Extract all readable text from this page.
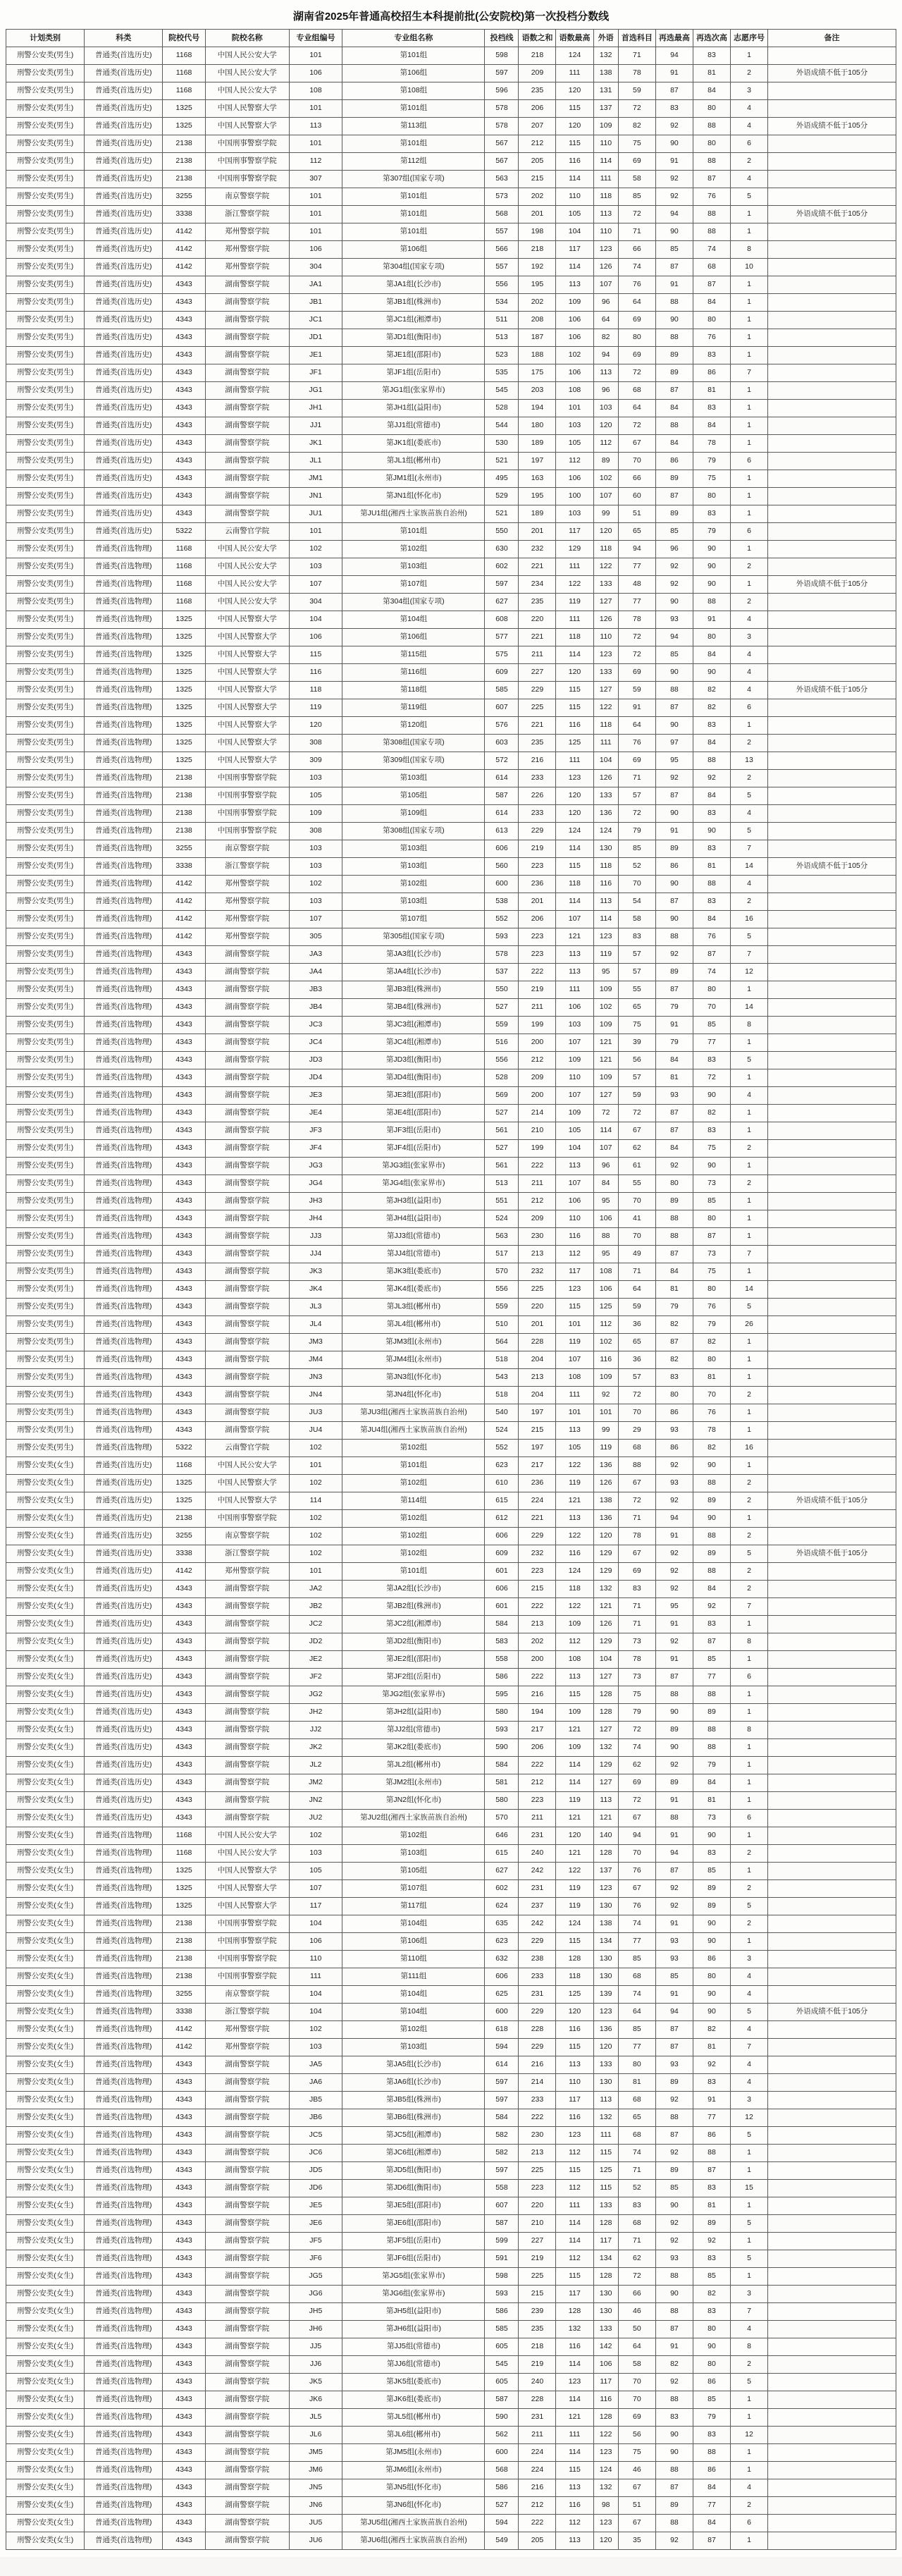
湖南省2025年普通高校招生本科提前批(公安院校)第一次投档分数线
计划类别	科类	院校代号	院校名称	专业组编号	专业组名称	投档线	语数之和	语数最高	外语	首选科目	再选最高	再选次高	志愿序号	备注
刑警公安类(男生)	普通类(首选历史)	1168	中国人民公安大学	101	第101组	598	218	124	132	71	94	83	1	
刑警公安类(男生)	普通类(首选历史)	1168	中国人民公安大学	106	第106组	597	209	111	138	78	91	81	2	外语成绩不低于105分
刑警公安类(男生)	普通类(首选历史)	1168	中国人民公安大学	108	第108组	596	235	120	131	59	87	84	3	
刑警公安类(男生)	普通类(首选历史)	1325	中国人民警察大学	101	第101组	578	206	115	137	72	83	80	4	
刑警公安类(男生)	普通类(首选历史)	1325	中国人民警察大学	113	第113组	578	207	120	109	82	92	88	4	外语成绩不低于105分
刑警公安类(男生)	普通类(首选历史)	2138	中国刑事警察学院	101	第101组	567	212	115	110	75	90	80	6	
刑警公安类(男生)	普通类(首选历史)	2138	中国刑事警察学院	112	第112组	567	205	116	114	69	91	88	2	
刑警公安类(男生)	普通类(首选历史)	2138	中国刑事警察学院	307	第307组(国家专项)	563	215	114	111	58	92	87	4	
刑警公安类(男生)	普通类(首选历史)	3255	南京警察学院	101	第101组	573	202	110	118	85	92	76	5	
刑警公安类(男生)	普通类(首选历史)	3338	浙江警察学院	101	第101组	568	201	105	113	72	94	88	1	外语成绩不低于105分
刑警公安类(男生)	普通类(首选历史)	4142	郑州警察学院	101	第101组	557	198	104	110	71	90	88	1	
刑警公安类(男生)	普通类(首选历史)	4142	郑州警察学院	106	第106组	566	218	117	123	66	85	74	8	
刑警公安类(男生)	普通类(首选历史)	4142	郑州警察学院	304	第304组(国家专项)	557	192	114	126	74	87	68	10	
刑警公安类(男生)	普通类(首选历史)	4343	湖南警察学院	JA1	第JA1组(长沙市)	556	195	113	107	76	91	87	1	
刑警公安类(男生)	普通类(首选历史)	4343	湖南警察学院	JB1	第JB1组(株洲市)	534	202	109	96	64	88	84	1	
刑警公安类(男生)	普通类(首选历史)	4343	湖南警察学院	JC1	第JC1组(湘潭市)	511	208	106	64	69	90	80	1	
刑警公安类(男生)	普通类(首选历史)	4343	湖南警察学院	JD1	第JD1组(衡阳市)	513	187	106	82	80	88	76	1	
刑警公安类(男生)	普通类(首选历史)	4343	湖南警察学院	JE1	第JE1组(邵阳市)	523	188	102	94	69	89	83	1	
刑警公安类(男生)	普通类(首选历史)	4343	湖南警察学院	JF1	第JF1组(岳阳市)	535	175	106	113	72	89	86	7	
刑警公安类(男生)	普通类(首选历史)	4343	湖南警察学院	JG1	第JG1组(张家界市)	545	203	108	96	68	87	81	1	
刑警公安类(男生)	普通类(首选历史)	4343	湖南警察学院	JH1	第JH1组(益阳市)	528	194	101	103	64	84	83	1	
刑警公安类(男生)	普通类(首选历史)	4343	湖南警察学院	JJ1	第JJ1组(常德市)	544	180	103	120	72	88	84	1	
刑警公安类(男生)	普通类(首选历史)	4343	湖南警察学院	JK1	第JK1组(娄底市)	530	189	105	112	67	84	78	1	
刑警公安类(男生)	普通类(首选历史)	4343	湖南警察学院	JL1	第JL1组(郴州市)	521	197	112	89	70	86	79	6	
刑警公安类(男生)	普通类(首选历史)	4343	湖南警察学院	JM1	第JM1组(永州市)	495	163	106	102	66	89	75	1	
刑警公安类(男生)	普通类(首选历史)	4343	湖南警察学院	JN1	第JN1组(怀化市)	529	195	100	107	60	87	80	1	
刑警公安类(男生)	普通类(首选历史)	4343	湖南警察学院	JU1	第JU1组(湘西土家族苗族自治州)	521	189	103	99	51	89	83	1	
刑警公安类(男生)	普通类(首选历史)	5322	云南警官学院	101	第101组	550	201	117	120	65	85	79	6	
刑警公安类(男生)	普通类(首选物理)	1168	中国人民公安大学	102	第102组	630	232	129	118	94	96	90	1	
刑警公安类(男生)	普通类(首选物理)	1168	中国人民公安大学	103	第103组	602	221	111	122	77	92	90	2	
刑警公安类(男生)	普通类(首选物理)	1168	中国人民公安大学	107	第107组	597	234	122	133	48	92	90	1	外语成绩不低于105分
刑警公安类(男生)	普通类(首选物理)	1168	中国人民公安大学	304	第304组(国家专项)	627	235	119	127	77	90	88	2	
刑警公安类(男生)	普通类(首选物理)	1325	中国人民警察大学	104	第104组	608	220	111	126	78	93	91	4	
刑警公安类(男生)	普通类(首选物理)	1325	中国人民警察大学	106	第106组	577	221	118	110	72	94	80	3	
刑警公安类(男生)	普通类(首选物理)	1325	中国人民警察大学	115	第115组	575	211	114	123	72	85	84	4	
刑警公安类(男生)	普通类(首选物理)	1325	中国人民警察大学	116	第116组	609	227	120	133	69	90	90	4	
刑警公安类(男生)	普通类(首选物理)	1325	中国人民警察大学	118	第118组	585	229	115	127	59	88	82	4	外语成绩不低于105分
刑警公安类(男生)	普通类(首选物理)	1325	中国人民警察大学	119	第119组	607	225	115	122	91	87	82	6	
刑警公安类(男生)	普通类(首选物理)	1325	中国人民警察大学	120	第120组	576	221	116	118	64	90	83	1	
刑警公安类(男生)	普通类(首选物理)	1325	中国人民警察大学	308	第308组(国家专项)	603	235	125	111	76	97	84	2	
刑警公安类(男生)	普通类(首选物理)	1325	中国人民警察大学	309	第309组(国家专项)	572	216	111	104	69	95	88	13	
刑警公安类(男生)	普通类(首选物理)	2138	中国刑事警察学院	103	第103组	614	233	123	126	71	92	92	2	
刑警公安类(男生)	普通类(首选物理)	2138	中国刑事警察学院	105	第105组	587	226	120	133	57	87	84	5	
刑警公安类(男生)	普通类(首选物理)	2138	中国刑事警察学院	109	第109组	614	233	120	136	72	90	83	4	
刑警公安类(男生)	普通类(首选物理)	2138	中国刑事警察学院	308	第308组(国家专项)	613	229	124	124	79	91	90	5	
刑警公安类(男生)	普通类(首选物理)	3255	南京警察学院	103	第103组	606	219	114	130	85	89	83	7	
刑警公安类(男生)	普通类(首选物理)	3338	浙江警察学院	103	第103组	560	223	115	118	52	86	81	14	外语成绩不低于105分
刑警公安类(男生)	普通类(首选物理)	4142	郑州警察学院	102	第102组	600	236	118	116	70	90	88	4	
刑警公安类(男生)	普通类(首选物理)	4142	郑州警察学院	103	第103组	538	201	114	113	54	87	83	2	
刑警公安类(男生)	普通类(首选物理)	4142	郑州警察学院	107	第107组	552	206	107	114	58	90	84	16	
刑警公安类(男生)	普通类(首选物理)	4142	郑州警察学院	305	第305组(国家专项)	593	223	121	123	83	88	76	5	
刑警公安类(男生)	普通类(首选物理)	4343	湖南警察学院	JA3	第JA3组(长沙市)	578	223	113	119	57	92	87	7	
刑警公安类(男生)	普通类(首选物理)	4343	湖南警察学院	JA4	第JA4组(长沙市)	537	222	113	95	57	89	74	12	
刑警公安类(男生)	普通类(首选物理)	4343	湖南警察学院	JB3	第JB3组(株洲市)	550	219	111	109	55	87	80	1	
刑警公安类(男生)	普通类(首选物理)	4343	湖南警察学院	JB4	第JB4组(株洲市)	527	211	106	102	65	79	70	14	
刑警公安类(男生)	普通类(首选物理)	4343	湖南警察学院	JC3	第JC3组(湘潭市)	559	199	103	109	75	91	85	8	
刑警公安类(男生)	普通类(首选物理)	4343	湖南警察学院	JC4	第JC4组(湘潭市)	516	200	107	121	39	79	77	1	
刑警公安类(男生)	普通类(首选物理)	4343	湖南警察学院	JD3	第JD3组(衡阳市)	556	212	109	121	56	84	83	5	
刑警公安类(男生)	普通类(首选物理)	4343	湖南警察学院	JD4	第JD4组(衡阳市)	528	209	110	109	57	81	72	1	
刑警公安类(男生)	普通类(首选物理)	4343	湖南警察学院	JE3	第JE3组(邵阳市)	569	200	107	127	59	93	90	4	
刑警公安类(男生)	普通类(首选物理)	4343	湖南警察学院	JE4	第JE4组(邵阳市)	527	214	109	72	72	87	82	1	
刑警公安类(男生)	普通类(首选物理)	4343	湖南警察学院	JF3	第JF3组(岳阳市)	561	210	105	114	67	87	83	1	
刑警公安类(男生)	普通类(首选物理)	4343	湖南警察学院	JF4	第JF4组(岳阳市)	527	199	104	107	62	84	75	2	
刑警公安类(男生)	普通类(首选物理)	4343	湖南警察学院	JG3	第JG3组(张家界市)	561	222	113	96	61	92	90	1	
刑警公安类(男生)	普通类(首选物理)	4343	湖南警察学院	JG4	第JG4组(张家界市)	513	211	107	84	55	80	73	2	
刑警公安类(男生)	普通类(首选物理)	4343	湖南警察学院	JH3	第JH3组(益阳市)	551	212	106	95	70	89	85	1	
刑警公安类(男生)	普通类(首选物理)	4343	湖南警察学院	JH4	第JH4组(益阳市)	524	209	110	106	41	88	80	1	
刑警公安类(男生)	普通类(首选物理)	4343	湖南警察学院	JJ3	第JJ3组(常德市)	563	230	116	88	70	88	87	1	
刑警公安类(男生)	普通类(首选物理)	4343	湖南警察学院	JJ4	第JJ4组(常德市)	517	213	112	95	49	87	73	7	
刑警公安类(男生)	普通类(首选物理)	4343	湖南警察学院	JK3	第JK3组(娄底市)	570	232	117	108	71	84	75	1	
刑警公安类(男生)	普通类(首选物理)	4343	湖南警察学院	JK4	第JK4组(娄底市)	556	225	123	106	64	81	80	14	
刑警公安类(男生)	普通类(首选物理)	4343	湖南警察学院	JL3	第JL3组(郴州市)	559	220	115	125	59	79	76	5	
刑警公安类(男生)	普通类(首选物理)	4343	湖南警察学院	JL4	第JL4组(郴州市)	510	201	101	112	36	82	79	26	
刑警公安类(男生)	普通类(首选物理)	4343	湖南警察学院	JM3	第JM3组(永州市)	564	228	119	102	65	87	82	1	
刑警公安类(男生)	普通类(首选物理)	4343	湖南警察学院	JM4	第JM4组(永州市)	518	204	107	116	36	82	80	1	
刑警公安类(男生)	普通类(首选物理)	4343	湖南警察学院	JN3	第JN3组(怀化市)	543	213	108	109	57	83	81	1	
刑警公安类(男生)	普通类(首选物理)	4343	湖南警察学院	JN4	第JN4组(怀化市)	518	204	111	92	72	80	70	2	
刑警公安类(男生)	普通类(首选物理)	4343	湖南警察学院	JU3	第JU3组(湘西土家族苗族自治州)	540	197	101	101	70	86	76	1	
刑警公安类(男生)	普通类(首选物理)	4343	湖南警察学院	JU4	第JU4组(湘西土家族苗族自治州)	524	215	113	99	29	93	78	1	
刑警公安类(男生)	普通类(首选物理)	5322	云南警官学院	102	第102组	552	197	105	119	68	86	82	16	
刑警公安类(女生)	普通类(首选历史)	1168	中国人民公安大学	101	第101组	623	217	122	136	88	92	90	1	
刑警公安类(女生)	普通类(首选历史)	1325	中国人民警察大学	102	第102组	610	236	119	126	67	93	88	2	
刑警公安类(女生)	普通类(首选历史)	1325	中国人民警察大学	114	第114组	615	224	121	138	72	92	89	2	外语成绩不低于105分
刑警公安类(女生)	普通类(首选历史)	2138	中国刑事警察学院	102	第102组	612	221	113	136	71	94	90	1	
刑警公安类(女生)	普通类(首选历史)	3255	南京警察学院	102	第102组	606	229	122	120	78	91	88	2	
刑警公安类(女生)	普通类(首选历史)	3338	浙江警察学院	102	第102组	609	232	116	129	67	92	89	5	外语成绩不低于105分
刑警公安类(女生)	普通类(首选历史)	4142	郑州警察学院	101	第101组	601	223	124	129	69	92	88	2	
刑警公安类(女生)	普通类(首选历史)	4343	湖南警察学院	JA2	第JA2组(长沙市)	606	215	118	132	83	92	84	2	
刑警公安类(女生)	普通类(首选历史)	4343	湖南警察学院	JB2	第JB2组(株洲市)	601	222	122	121	71	95	92	7	
刑警公安类(女生)	普通类(首选历史)	4343	湖南警察学院	JC2	第JC2组(湘潭市)	584	213	109	126	71	91	83	1	
刑警公安类(女生)	普通类(首选历史)	4343	湖南警察学院	JD2	第JD2组(衡阳市)	583	202	112	129	73	92	87	8	
刑警公安类(女生)	普通类(首选历史)	4343	湖南警察学院	JE2	第JE2组(邵阳市)	558	200	108	104	78	91	85	1	
刑警公安类(女生)	普通类(首选历史)	4343	湖南警察学院	JF2	第JF2组(岳阳市)	586	222	113	127	73	87	77	6	
刑警公安类(女生)	普通类(首选历史)	4343	湖南警察学院	JG2	第JG2组(张家界市)	595	216	115	128	75	88	88	1	
刑警公安类(女生)	普通类(首选历史)	4343	湖南警察学院	JH2	第JH2组(益阳市)	580	194	109	128	79	90	89	1	
刑警公安类(女生)	普通类(首选历史)	4343	湖南警察学院	JJ2	第JJ2组(常德市)	593	217	121	127	72	89	88	8	
刑警公安类(女生)	普通类(首选历史)	4343	湖南警察学院	JK2	第JK2组(娄底市)	590	206	109	132	74	90	88	1	
刑警公安类(女生)	普通类(首选历史)	4343	湖南警察学院	JL2	第JL2组(郴州市)	584	222	114	129	62	92	79	1	
刑警公安类(女生)	普通类(首选历史)	4343	湖南警察学院	JM2	第JM2组(永州市)	581	212	114	127	69	89	84	1	
刑警公安类(女生)	普通类(首选历史)	4343	湖南警察学院	JN2	第JN2组(怀化市)	580	223	119	113	72	91	81	1	
刑警公安类(女生)	普通类(首选历史)	4343	湖南警察学院	JU2	第JU2组(湘西土家族苗族自治州)	570	211	121	121	67	88	73	6	
刑警公安类(女生)	普通类(首选物理)	1168	中国人民公安大学	102	第102组	646	231	120	140	94	91	90	1	
刑警公安类(女生)	普通类(首选物理)	1168	中国人民公安大学	103	第103组	615	240	121	128	70	94	83	2	
刑警公安类(女生)	普通类(首选物理)	1325	中国人民警察大学	105	第105组	627	242	122	137	76	87	85	1	
刑警公安类(女生)	普通类(首选物理)	1325	中国人民警察大学	107	第107组	602	231	119	123	67	92	89	2	
刑警公安类(女生)	普通类(首选物理)	1325	中国人民警察大学	117	第117组	624	237	119	130	76	92	89	5	
刑警公安类(女生)	普通类(首选物理)	2138	中国刑事警察学院	104	第104组	635	242	124	138	74	91	90	2	
刑警公安类(女生)	普通类(首选物理)	2138	中国刑事警察学院	106	第106组	623	229	115	134	77	93	90	1	
刑警公安类(女生)	普通类(首选物理)	2138	中国刑事警察学院	110	第110组	632	238	128	130	85	93	86	3	
刑警公安类(女生)	普通类(首选物理)	2138	中国刑事警察学院	111	第111组	606	233	118	130	68	85	80	4	
刑警公安类(女生)	普通类(首选物理)	3255	南京警察学院	104	第104组	625	231	125	139	74	91	90	4	
刑警公安类(女生)	普通类(首选物理)	3338	浙江警察学院	104	第104组	600	229	120	123	64	94	90	5	外语成绩不低于105分
刑警公安类(女生)	普通类(首选物理)	4142	郑州警察学院	102	第102组	618	228	116	136	85	87	82	4	
刑警公安类(女生)	普通类(首选物理)	4142	郑州警察学院	103	第103组	594	229	115	120	77	87	81	7	
刑警公安类(女生)	普通类(首选物理)	4343	湖南警察学院	JA5	第JA5组(长沙市)	614	216	113	133	80	93	92	4	
刑警公安类(女生)	普通类(首选物理)	4343	湖南警察学院	JA6	第JA6组(长沙市)	597	214	110	130	81	89	83	4	
刑警公安类(女生)	普通类(首选物理)	4343	湖南警察学院	JB5	第JB5组(株洲市)	597	233	117	113	68	92	91	3	
刑警公安类(女生)	普通类(首选物理)	4343	湖南警察学院	JB6	第JB6组(株洲市)	584	222	116	132	65	88	77	12	
刑警公安类(女生)	普通类(首选物理)	4343	湖南警察学院	JC5	第JC5组(湘潭市)	582	230	123	111	68	87	86	5	
刑警公安类(女生)	普通类(首选物理)	4343	湖南警察学院	JC6	第JC6组(湘潭市)	582	213	112	115	74	92	88	1	
刑警公安类(女生)	普通类(首选物理)	4343	湖南警察学院	JD5	第JD5组(衡阳市)	597	225	115	125	71	89	87	1	
刑警公安类(女生)	普通类(首选物理)	4343	湖南警察学院	JD6	第JD6组(衡阳市)	558	223	112	115	52	85	83	15	
刑警公安类(女生)	普通类(首选物理)	4343	湖南警察学院	JE5	第JE5组(邵阳市)	607	220	111	133	83	90	81	1	
刑警公安类(女生)	普通类(首选物理)	4343	湖南警察学院	JE6	第JE6组(邵阳市)	587	210	114	128	68	92	89	5	
刑警公安类(女生)	普通类(首选物理)	4343	湖南警察学院	JF5	第JF5组(岳阳市)	599	227	114	117	71	92	92	1	
刑警公安类(女生)	普通类(首选物理)	4343	湖南警察学院	JF6	第JF6组(岳阳市)	591	219	112	134	62	93	83	5	
刑警公安类(女生)	普通类(首选物理)	4343	湖南警察学院	JG5	第JG5组(张家界市)	598	225	115	128	72	88	85	1	
刑警公安类(女生)	普通类(首选物理)	4343	湖南警察学院	JG6	第JG6组(张家界市)	593	215	117	130	66	90	82	3	
刑警公安类(女生)	普通类(首选物理)	4343	湖南警察学院	JH5	第JH5组(益阳市)	586	239	128	130	46	88	83	7	
刑警公安类(女生)	普通类(首选物理)	4343	湖南警察学院	JH6	第JH6组(益阳市)	585	235	132	133	50	87	80	4	
刑警公安类(女生)	普通类(首选物理)	4343	湖南警察学院	JJ5	第JJ5组(常德市)	605	218	116	142	64	91	90	8	
刑警公安类(女生)	普通类(首选物理)	4343	湖南警察学院	JJ6	第JJ6组(常德市)	545	219	114	106	58	82	80	2	
刑警公安类(女生)	普通类(首选物理)	4343	湖南警察学院	JK5	第JK5组(娄底市)	605	240	123	117	70	92	86	5	
刑警公安类(女生)	普通类(首选物理)	4343	湖南警察学院	JK6	第JK6组(娄底市)	587	228	114	116	70	88	85	1	
刑警公安类(女生)	普通类(首选物理)	4343	湖南警察学院	JL5	第JL5组(郴州市)	590	231	121	128	69	83	79	1	
刑警公安类(女生)	普通类(首选物理)	4343	湖南警察学院	JL6	第JL6组(郴州市)	562	211	111	122	56	90	83	12	
刑警公安类(女生)	普通类(首选物理)	4343	湖南警察学院	JM5	第JM5组(永州市)	600	224	114	123	75	90	88	1	
刑警公安类(女生)	普通类(首选物理)	4343	湖南警察学院	JM6	第JM6组(永州市)	568	224	115	124	46	88	86	1	
刑警公安类(女生)	普通类(首选物理)	4343	湖南警察学院	JN5	第JN5组(怀化市)	586	216	113	132	67	87	84	4	
刑警公安类(女生)	普通类(首选物理)	4343	湖南警察学院	JN6	第JN6组(怀化市)	527	212	116	98	51	89	77	2	
刑警公安类(女生)	普通类(首选物理)	4343	湖南警察学院	JU5	第JU5组(湘西土家族苗族自治州)	594	222	112	123	67	88	84	6	
刑警公安类(女生)	普通类(首选物理)	4343	湖南警察学院	JU6	第JU6组(湘西土家族苗族自治州)	549	205	113	120	35	92	87	1	
